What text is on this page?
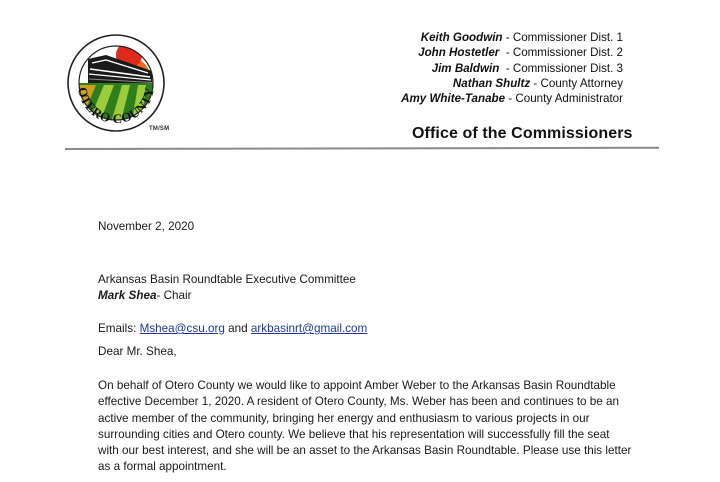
OTERO COUNTY
TM/SM
Keith Goodwin - Commissioner Dist. 1
John Hostetler  - Commissioner Dist. 2
Jim Baldwin  - Commissioner Dist. 3
Nathan Shultz - County Attorney
Amy White-Tanabe - County Administrator
Office of the Commissioners
November 2, 2020
Arkansas Basin Roundtable Executive Committee
Mark Shea- Chair
Emails: Mshea@csu.org and arkbasinrt@gmail.com
Dear Mr. Shea,
On behalf of Otero County we would like to appoint Amber Weber to the Arkansas Basin Roundtable
effective December 1, 2020. A resident of Otero County, Ms. Weber has been and continues to be an
active member of the community, bringing her energy and enthusiasm to various projects in our
surrounding cities and Otero county. We believe that his representation will successfully fill the seat
with our best interest, and she will be an asset to the Arkansas Basin Roundtable. Please use this letter
as a formal appointment.
